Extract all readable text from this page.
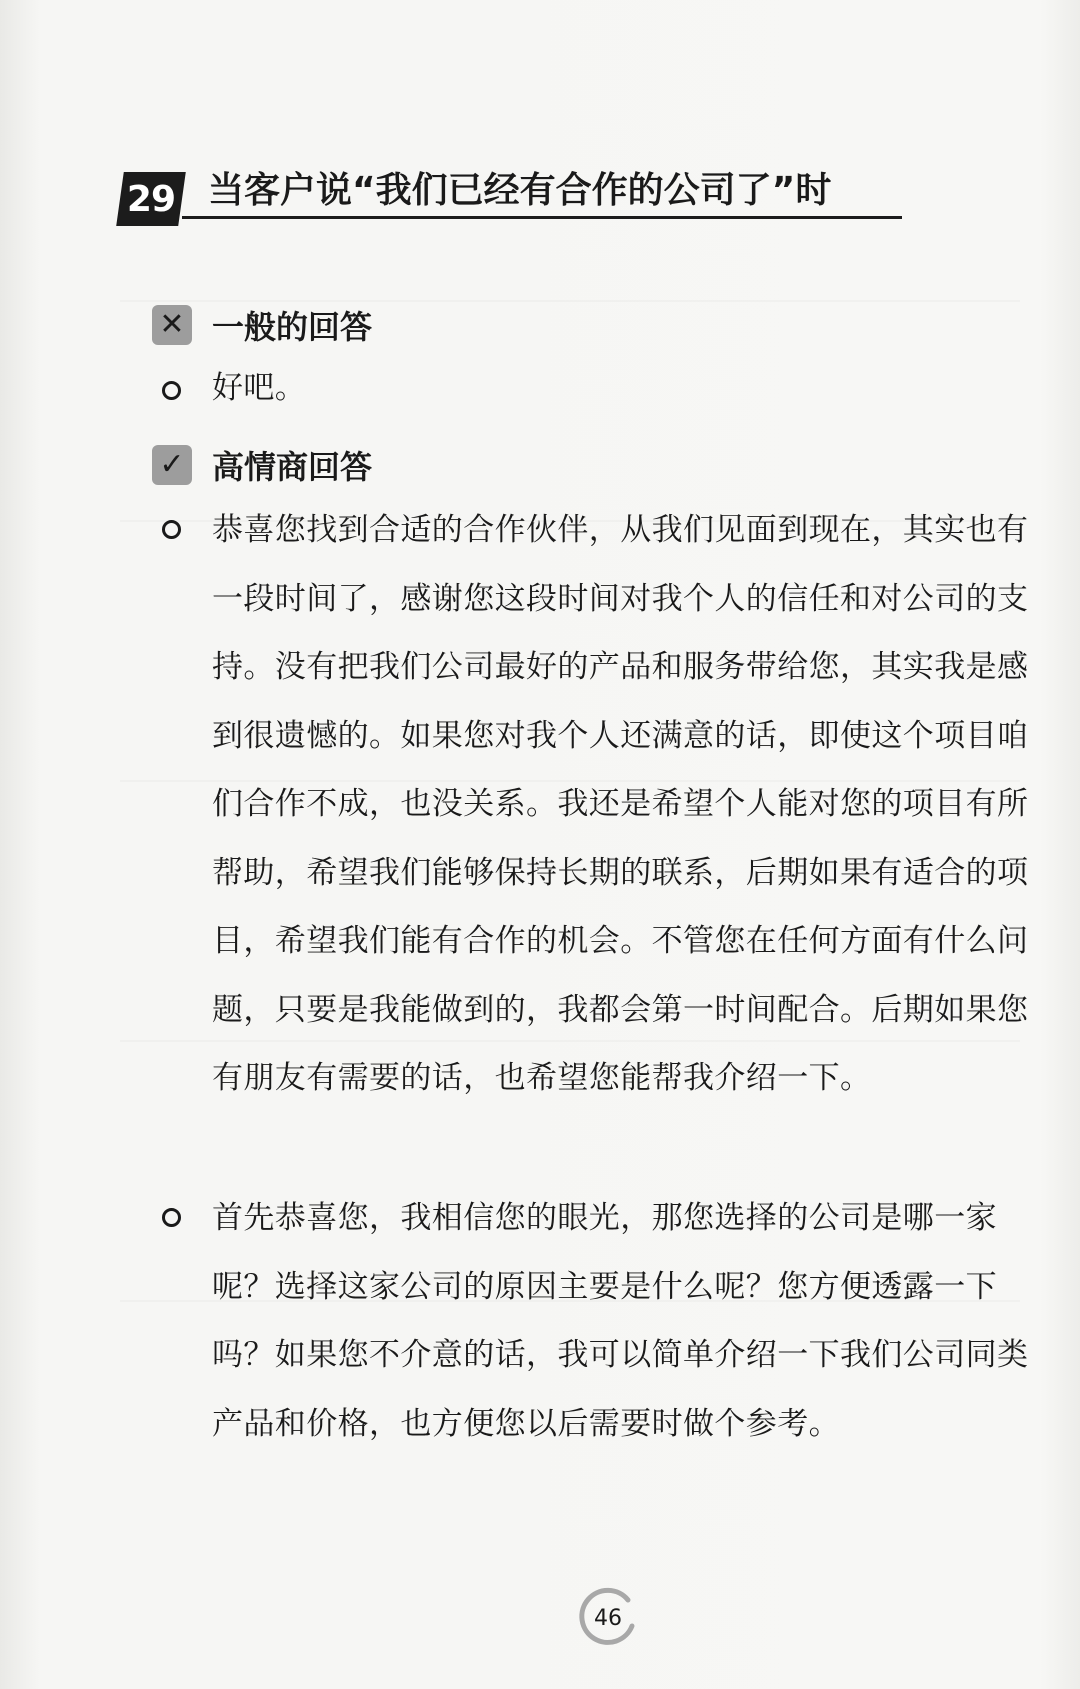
29 当客户说“我们已经有合作的公司了”时
✕ 一般的回答

好吧。

✓ 高情商回答

恭喜您找到合适的合作伙伴，从我们见面到现在，其实也有一段时间了，感谢您这段时间对我个人的信任和对公司的支持。没有把我们公司最好的产品和服务带给您，其实我是感到很遗憾的。如果您对我个人还满意的话，即使这个项目咱们合作不成，也没关系。我还是希望个人能对您的项目有所帮助，希望我们能够保持长期的联系，后期如果有适合的项目，希望我们能有合作的机会。不管您在任何方面有什么问题，只要是我能做到的，我都会第一时间配合。后期如果您有朋友有需要的话，也希望您能帮我介绍一下。

首先恭喜您，我相信您的眼光，那您选择的公司是哪一家呢？选择这家公司的原因主要是什么呢？您方便透露一下吗？如果您不介意的话，我可以简单介绍一下我们公司同类产品和价格，也方便您以后需要时做个参考。

46
